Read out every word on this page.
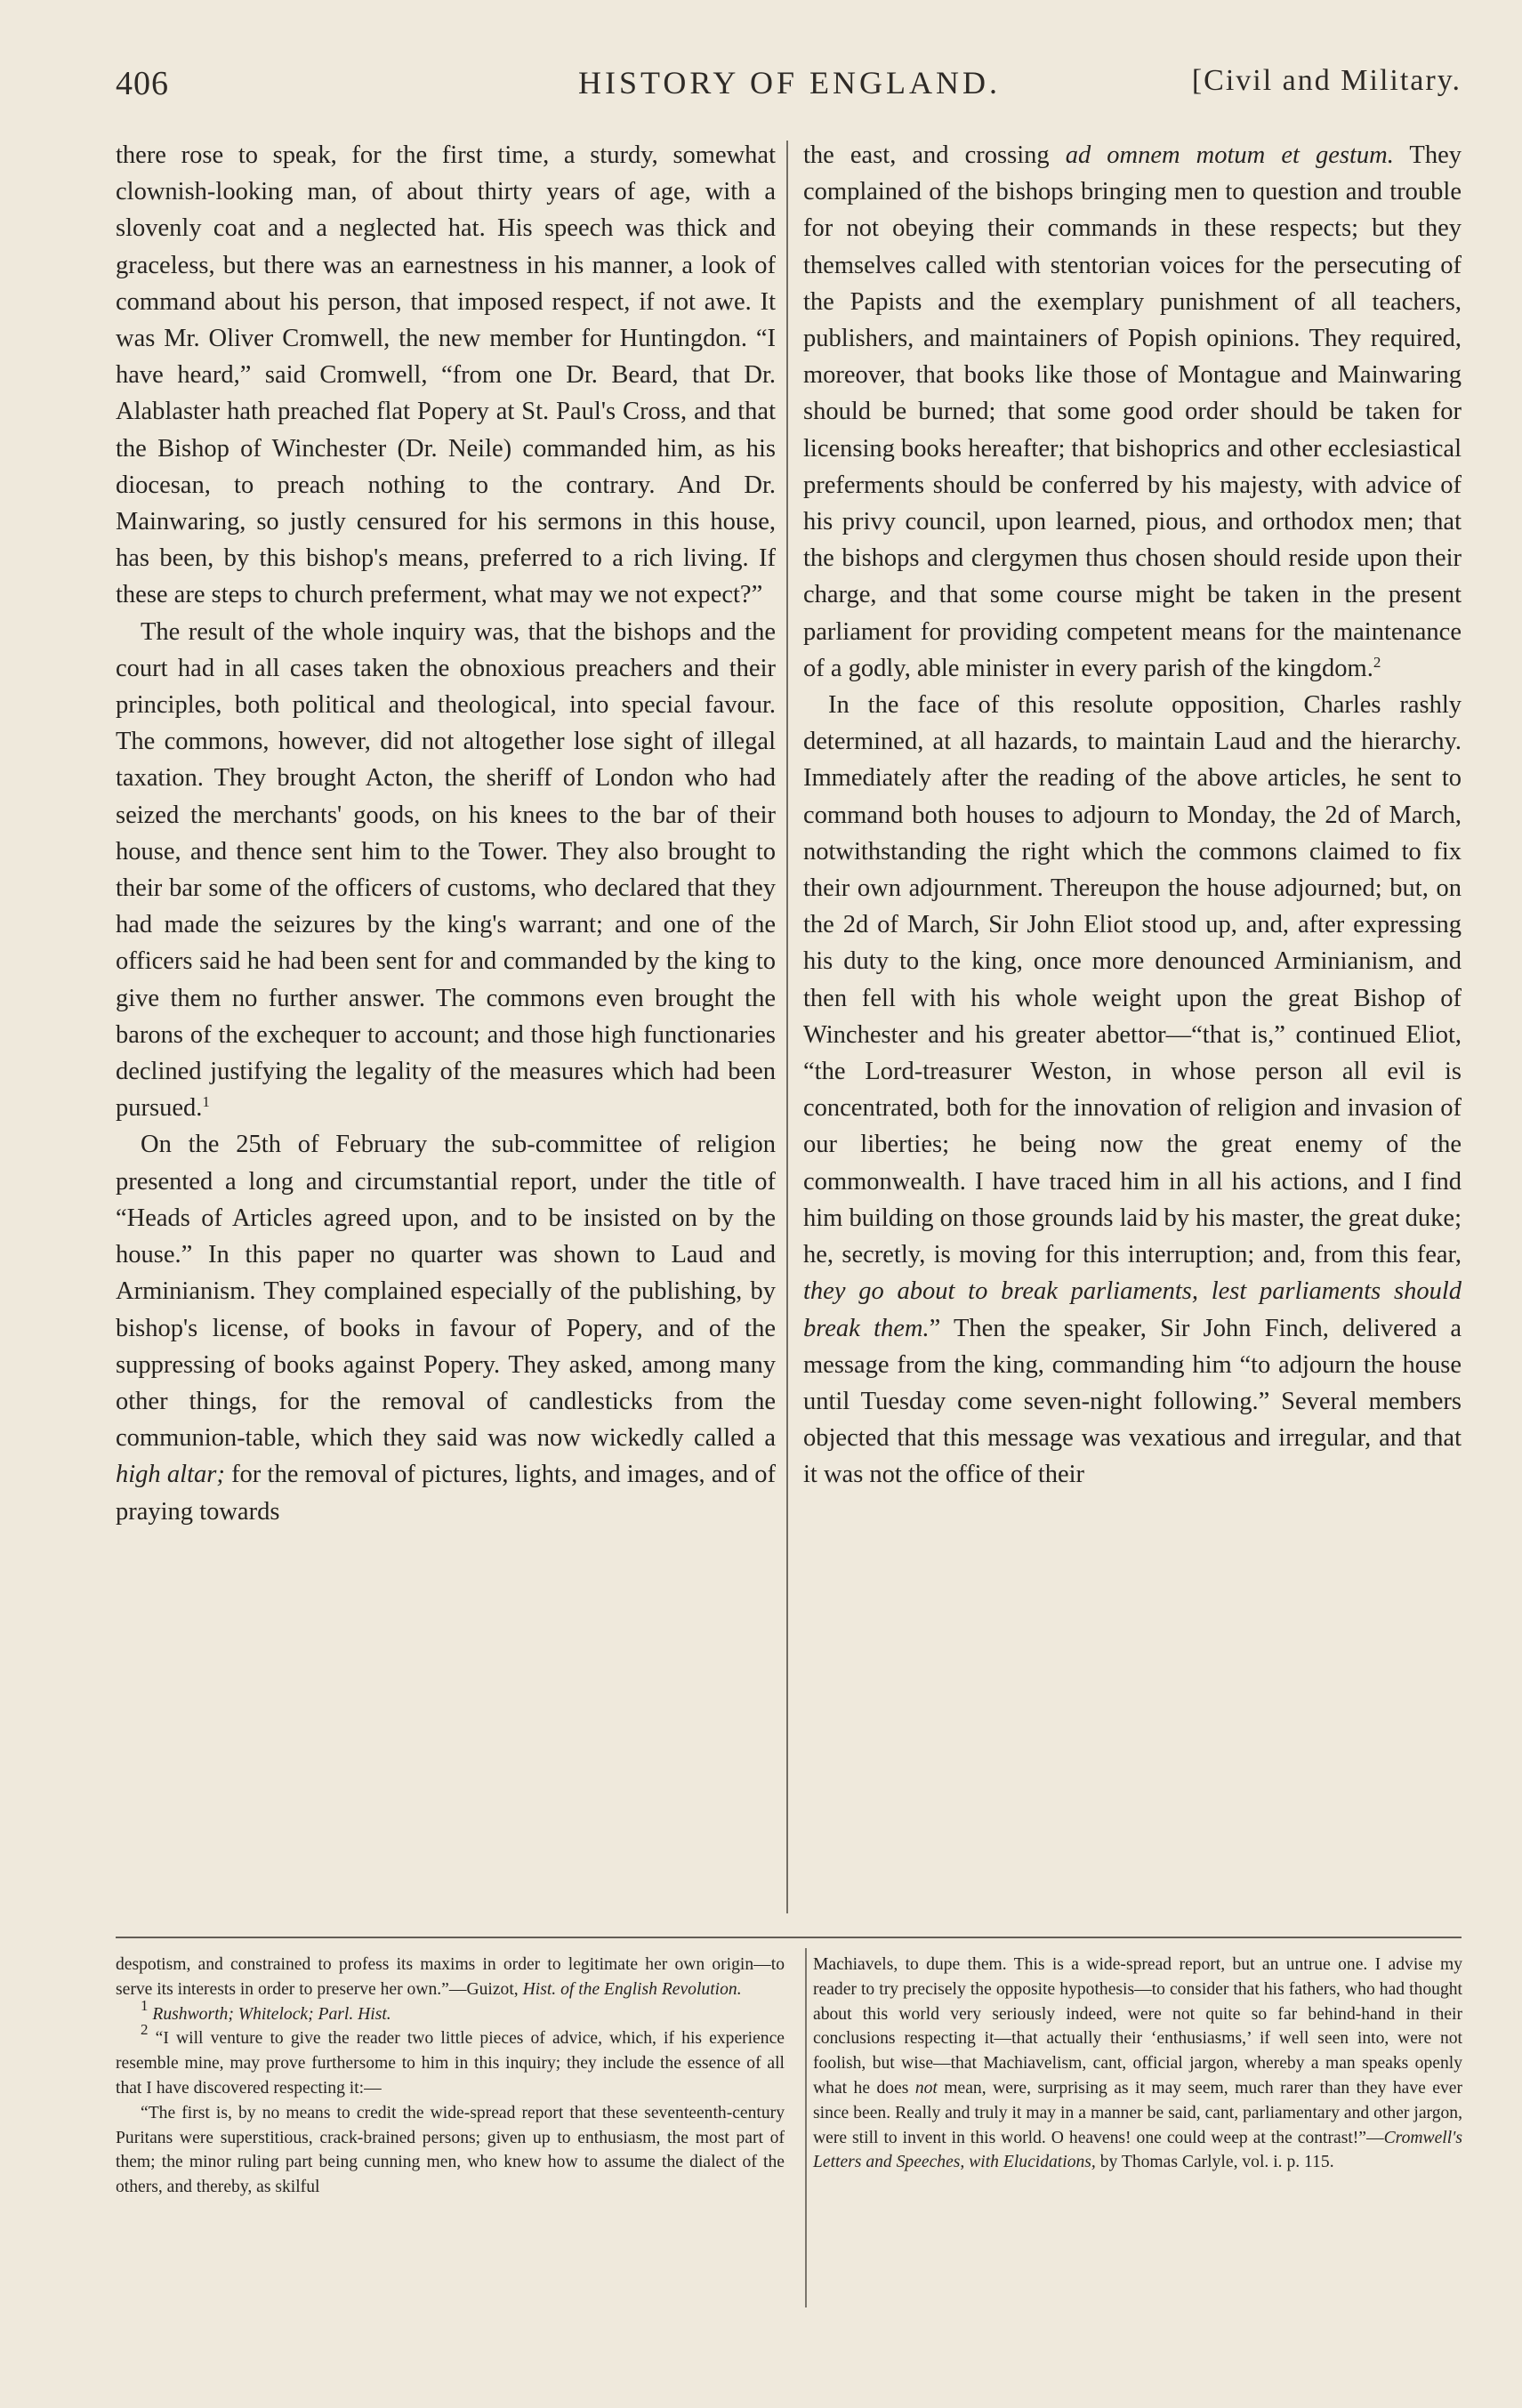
406	HISTORY OF ENGLAND.	[Civil and Military.

there rose to speak, for the first time, a sturdy, somewhat clownish-looking man, of about thirty years of age, with a slovenly coat and a neglected hat. His speech was thick and graceless, but there was an earnestness in his manner, a look of command about his person, that imposed respect, if not awe. It was Mr. Oliver Cromwell, the new member for Huntingdon. “I have heard,” said Cromwell, “from one Dr. Beard, that Dr. Alablaster hath preached flat Popery at St. Paul's Cross, and that the Bishop of Winchester (Dr. Neile) commanded him, as his diocesan, to preach nothing to the contrary. And Dr. Mainwaring, so justly censured for his sermons in this house, has been, by this bishop's means, preferred to a rich living. If these are steps to church preferment, what may we not expect?”

The result of the whole inquiry was, that the bishops and the court had in all cases taken the obnoxious preachers and their principles, both political and theological, into special favour. The commons, however, did not altogether lose sight of illegal taxation. They brought Acton, the sheriff of London who had seized the merchants' goods, on his knees to the bar of their house, and thence sent him to the Tower. They also brought to their bar some of the officers of customs, who declared that they had made the seizures by the king's warrant; and one of the officers said he had been sent for and commanded by the king to give them no further answer. The commons even brought the barons of the exchequer to account; and those high functionaries declined justifying the legality of the measures which had been pursued.$^1$

On the 25th of February the sub-committee of religion presented a long and circumstantial report, under the title of “Heads of Articles agreed upon, and to be insisted on by the house.” In this paper no quarter was shown to Laud and Arminianism. They complained especially of the publishing, by bishop's license, of books in favour of Popery, and of the suppressing of books against Popery. They asked, among many other things, for the removal of candlesticks from the communion-table, which they said was now wickedly called a high altar; for the removal of pictures, lights, and images, and of praying towards

the east, and crossing ad omnem motum et gestum. They complained of the bishops bringing men to question and trouble for not obeying their commands in these respects; but they themselves called with stentorian voices for the persecuting of the Papists and the exemplary punishment of all teachers, publishers, and maintainers of Popish opinions. They required, moreover, that books like those of Montague and Mainwaring should be burned; that some good order should be taken for licensing books hereafter; that bishoprics and other ecclesiastical preferments should be conferred by his majesty, with advice of his privy council, upon learned, pious, and orthodox men; that the bishops and clergymen thus chosen should reside upon their charge, and that some course might be taken in the present parliament for providing competent means for the maintenance of a godly, able minister in every parish of the kingdom.$^2$

In the face of this resolute opposition, Charles rashly determined, at all hazards, to maintain Laud and the hierarchy. Immediately after the reading of the above articles, he sent to command both houses to adjourn to Monday, the 2d of March, notwithstanding the right which the commons claimed to fix their own adjournment. Thereupon the house adjourned; but, on the 2d of March, Sir John Eliot stood up, and, after expressing his duty to the king, once more denounced Arminianism, and then fell with his whole weight upon the great Bishop of Winchester and his greater abettor—“that is,” continued Eliot, “the Lord-treasurer Weston, in whose person all evil is concentrated, both for the innovation of religion and invasion of our liberties; he being now the great enemy of the commonwealth. I have traced him in all his actions, and I find him building on those grounds laid by his master, the great duke; he, secretly, is moving for this interruption; and, from this fear, they go about to break parliaments, lest parliaments should break them.” Then the speaker, Sir John Finch, delivered a message from the king, commanding him “to adjourn the house until Tuesday come seven-night following.” Several members objected that this message was vexatious and irregular, and that it was not the office of their

despotism, and constrained to profess its maxims in order to legitimate her own origin—to serve its interests in order to preserve her own.”—Guizot, Hist. of the English Revolution.

$^1$ Rushworth; Whitelock; Parl. Hist.

$^2$ “I will venture to give the reader two little pieces of advice, which, if his experience resemble mine, may prove furthersome to him in this inquiry; they include the essence of all that I have discovered respecting it:—

“The first is, by no means to credit the wide-spread report that these seventeenth-century Puritans were superstitious, crack-brained persons; given up to enthusiasm, the most part of them; the minor ruling part being cunning men, who knew how to assume the dialect of the others, and thereby, as skilful

Machiavels, to dupe them. This is a wide-spread report, but an untrue one. I advise my reader to try precisely the opposite hypothesis—to consider that his fathers, who had thought about this world very seriously indeed, were not quite so far behind-hand in their conclusions respecting it—that actually their ‘enthusiasms,’ if well seen into, were not foolish, but wise—that Machiavelism, cant, official jargon, whereby a man speaks openly what he does not mean, were, surprising as it may seem, much rarer than they have ever since been. Really and truly it may in a manner be said, cant, parliamentary and other jargon, were still to invent in this world. O heavens! one could weep at the contrast!”—Cromwell's Letters and Speeches, with Elucidations, by Thomas Carlyle, vol. i. p. 115.
